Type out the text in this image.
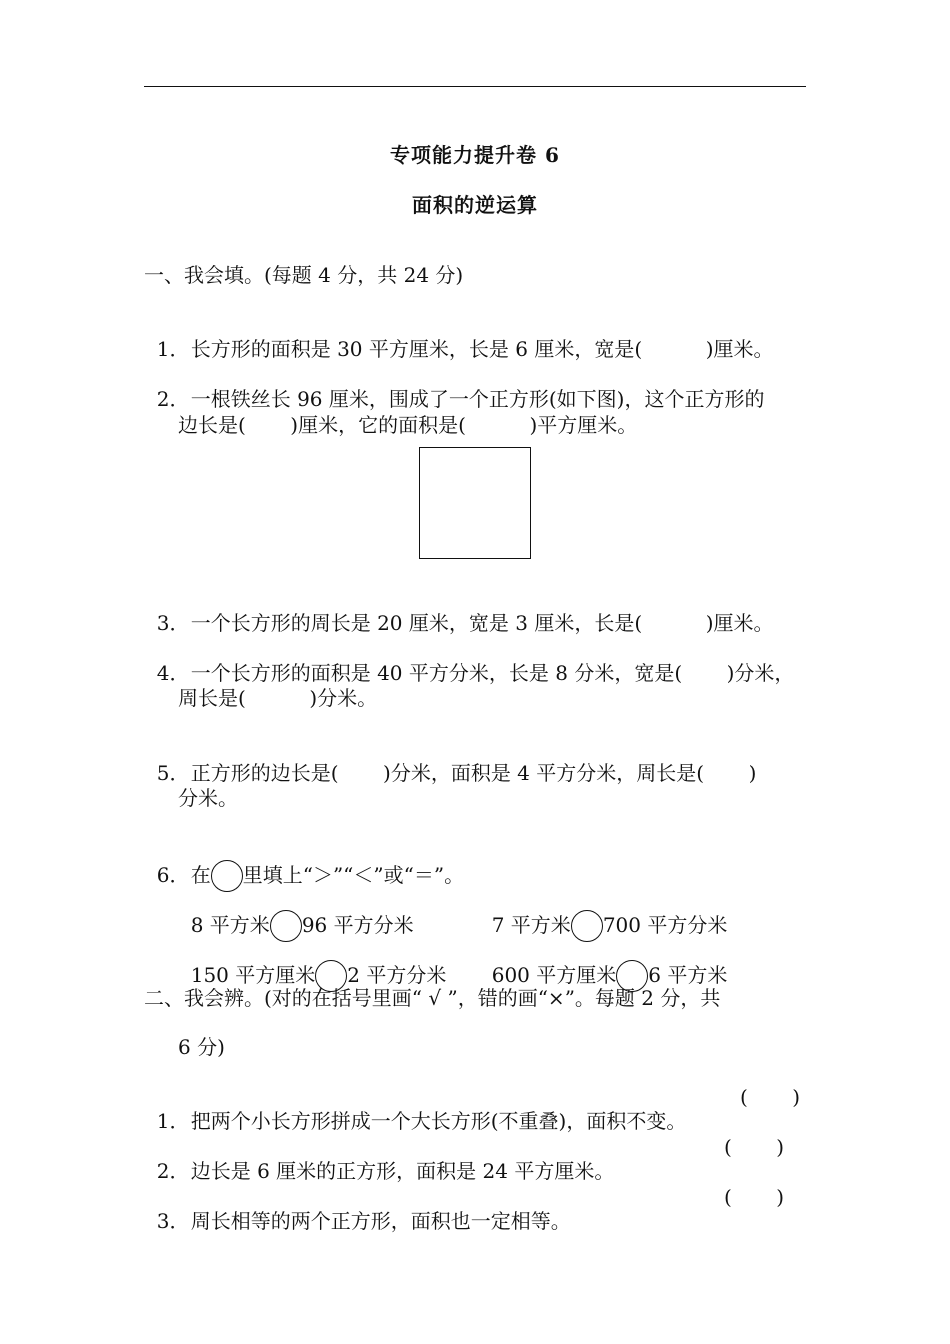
专项能力提升卷 6
面积的逆运算
一、我会填。(每题 4 分，共 24 分)

1．长方形的面积是 30 平方厘米，长是 6 厘米，宽是(          )厘米。

2．一根铁丝长 96 厘米，围成了一个正方形(如下图)，这个正方形的

边长是(       )厘米，它的面积是(          )平方厘米。

3．一个长方形的周长是 20 厘米，宽是 3 厘米，长是(          )厘米。

4．一个长方形的面积是 40 平方分米，长是 8 分米，宽是(       )分米，

周长是(          )分米。

5．正方形的边长是(       )分米，面积是 4 平方分米，周长是(       )

分米。

6．在 里填上“＞”“＜”或“＝”。

8 平方米 96 平方分米	7 平方米 700 平方分米

150 平方厘米 2 平方分米	600 平方厘米 6 平方米

二、我会辨。(对的在括号里画“ √ ”，错的画“×”。每题 2 分，共
6 分)

1．把两个小长方形拼成一个大长方形(不重叠)，面积不变。

(       )

2．边长是 6 厘米的正方形，面积是 24 平方厘米。

(       )

3．周长相等的两个正方形，面积也一定相等。

(       )
